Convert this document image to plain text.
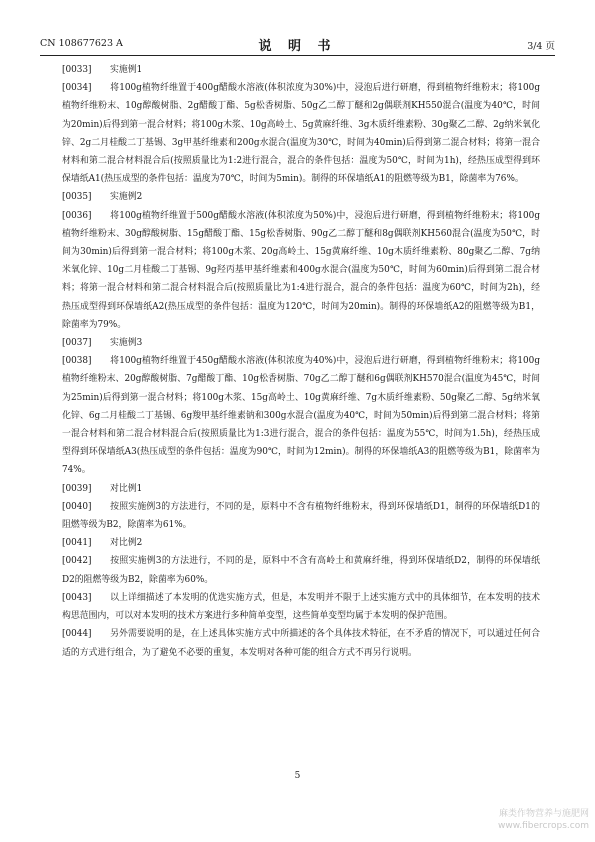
CN 108677623 A	说 明 书	3/4 页

[0033] 实施例1

[0034] 将100g植物纤维置于400g醋酸水溶液(体积浓度为30%)中，浸泡后进行研磨，得到植物纤维粉末；将100g植物纤维粉末、10g醇酸树脂、2g醋酸丁酯、5g松香树脂、50g乙二醇丁醚和2g偶联剂KH550混合(温度为40℃，时间为20min)后得到第一混合材料；将100g木浆、10g高岭土、5g黄麻纤维、3g木质纤维素粉、30g聚乙二醇、2g纳米氧化锌、2g二月桂酸二丁基锡、3g甲基纤维素和200g水混合(温度为30℃，时间为40min)后得到第二混合材料；将第一混合材料和第二混合材料混合后(按照质量比为1:2进行混合，混合的条件包括：温度为50℃，时间为1h)，经热压成型得到环保墙纸A1(热压成型的条件包括：温度为70℃，时间为5min)。制得的环保墙纸A1的阻燃等级为B1，除菌率为76%。

[0035] 实施例2

[0036] 将100g植物纤维置于500g醋酸水溶液(体积浓度为50%)中，浸泡后进行研磨，得到植物纤维粉末；将100g植物纤维粉末、30g醇酸树脂、15g醋酸丁酯、15g松香树脂、90g乙二醇丁醚和8g偶联剂KH560混合(温度为50℃，时间为30min)后得到第一混合材料；将100g木浆、20g高岭土、15g黄麻纤维、10g木质纤维素粉、80g聚乙二醇、7g纳米氧化锌、10g二月桂酸二丁基锡、9g羟丙基甲基纤维素和400g水混合(温度为50℃，时间为60min)后得到第二混合材料；将第一混合材料和第二混合材料混合后(按照质量比为1:4进行混合，混合的条件包括：温度为60℃，时间为2h)，经热压成型得到环保墙纸A2(热压成型的条件包括：温度为120℃，时间为20min)。制得的环保墙纸A2的阻燃等级为B1，除菌率为79%。

[0037] 实施例3

[0038] 将100g植物纤维置于450g醋酸水溶液(体积浓度为40%)中，浸泡后进行研磨，得到植物纤维粉末；将100g植物纤维粉末、20g醇酸树脂、7g醋酸丁酯、10g松香树脂、70g乙二醇丁醚和6g偶联剂KH570混合(温度为45℃，时间为25min)后得到第一混合材料；将100g木浆、15g高岭土、10g黄麻纤维、7g木质纤维素粉、50g聚乙二醇、5g纳米氧化锌、6g二月桂酸二丁基锡、6g羧甲基纤维素钠和300g水混合(温度为40℃，时间为50min)后得到第二混合材料；将第一混合材料和第二混合材料混合后(按照质量比为1:3进行混合，混合的条件包括：温度为55℃，时间为1.5h)，经热压成型得到环保墙纸A3(热压成型的条件包括：温度为90℃，时间为12min)。制得的环保墙纸A3的阻燃等级为B1，除菌率为74%。

[0039] 对比例1

[0040] 按照实施例3的方法进行，不同的是，原料中不含有植物纤维粉末，得到环保墙纸D1，制得的环保墙纸D1的阻燃等级为B2，除菌率为61%。

[0041] 对比例2

[0042] 按照实施例3的方法进行，不同的是，原料中不含有高岭土和黄麻纤维，得到环保墙纸D2，制得的环保墙纸D2的阻燃等级为B2，除菌率为60%。

[0043] 以上详细描述了本发明的优选实施方式，但是，本发明并不限于上述实施方式中的具体细节，在本发明的技术构思范围内，可以对本发明的技术方案进行多种简单变型，这些简单变型均属于本发明的保护范围。

[0044] 另外需要说明的是，在上述具体实施方式中所描述的各个具体技术特征，在不矛盾的情况下，可以通过任何合适的方式进行组合，为了避免不必要的重复，本发明对各种可能的组合方式不再另行说明。

5
麻类作物营养与施肥网
www.fibercrops.com
